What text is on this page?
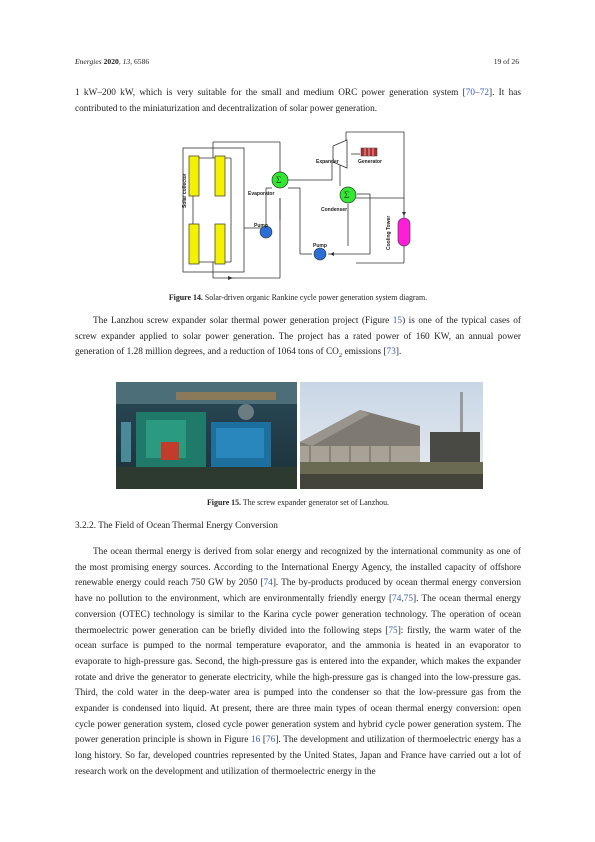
Energies 2020, 13, 6586	19 of 26

1 kW–200 kW, which is very suitable for the small and medium ORC power generation system [70–72]. It has contributed to the miniaturization and decentralization of solar power generation.

Σ
Σ
Expander	Generator
Evaporator
Condenser
Pump
Pump
Solar collector
Cooling Tower
Figure 14. Solar-driven organic Rankine cycle power generation system diagram.

The Lanzhou screw expander solar thermal power generation project (Figure 15) is one of the typical cases of screw expander applied to solar power generation. The project has a rated power of 160 KW, an annual power generation of 1.28 million degrees, and a reduction of 1064 tons of $CO_2$ emissions [73].

Figure 15. The screw expander generator set of Lanzhou.
3.2.2. The Field of Ocean Thermal Energy Conversion

The ocean thermal energy is derived from solar energy and recognized by the international community as one of the most promising energy sources. According to the International Energy Agency, the installed capacity of offshore renewable energy could reach 750 GW by 2050 [74]. The by-products produced by ocean thermal energy conversion have no pollution to the environment, which are environmentally friendly energy [74,75]. The ocean thermal energy conversion (OTEC) technology is similar to the Karina cycle power generation technology. The operation of ocean thermoelectric power generation can be briefly divided into the following steps [75]: firstly, the warm water of the ocean surface is pumped to the normal temperature evaporator, and the ammonia is heated in an evaporator to evaporate to high-pressure gas. Second, the high-pressure gas is entered into the expander, which makes the expander rotate and drive the generator to generate electricity, while the high-pressure gas is changed into the low-pressure gas. Third, the cold water in the deep-water area is pumped into the condenser so that the low-pressure gas from the expander is condensed into liquid. At present, there are three main types of ocean thermal energy conversion: open cycle power generation system, closed cycle power generation system and hybrid cycle power generation system. The power generation principle is shown in Figure 16 [76]. The development and utilization of thermoelectric energy has a long history. So far, developed countries represented by the United States, Japan and France have carried out a lot of research work on the development and utilization of thermoelectric energy in the
